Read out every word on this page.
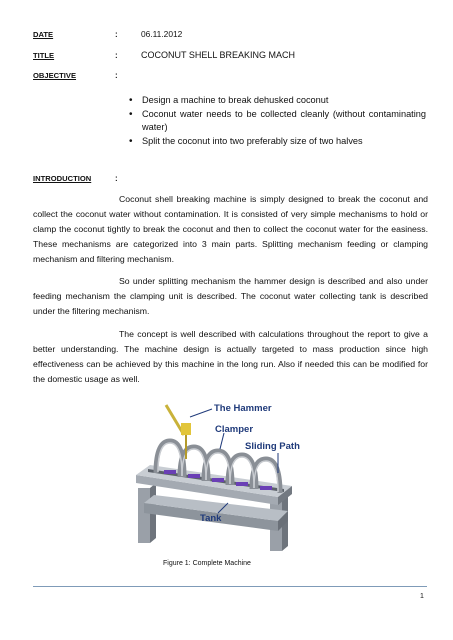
DATE	:	06.11.2012
TITLE	:	COCONUT SHELL BREAKING MACH
OBJECTIVE	:
• Design a machine to break dehusked coconut
• Coconut water needs to be collected cleanly (without contaminating water)
• Split the coconut into two preferably size of two halves
INTRODUCTION	:

Coconut shell breaking machine is simply designed to break the coconut and collect the coconut water without contamination. It is consisted of very simple mechanisms to hold or clamp the coconut tightly to break the coconut and then to collect the coconut water for the easiness. These mechanisms are categorized into 3 main parts. Splitting mechanism feeding or clamping mechanism and filtering mechanism.

So under splitting mechanism the hammer design is described and also under feeding mechanism the clamping unit is described. The coconut water collecting tank is described under the filtering mechanism.

The concept is well described with calculations throughout the report to give a better understanding. The machine design is actually targeted to mass production since high effectiveness can be achieved by this machine in the long run. Also if needed this can be modified for the domestic usage as well.

The Hammer
Clamper
Sliding Path
Tank
Figure 1: Complete Machine
1
